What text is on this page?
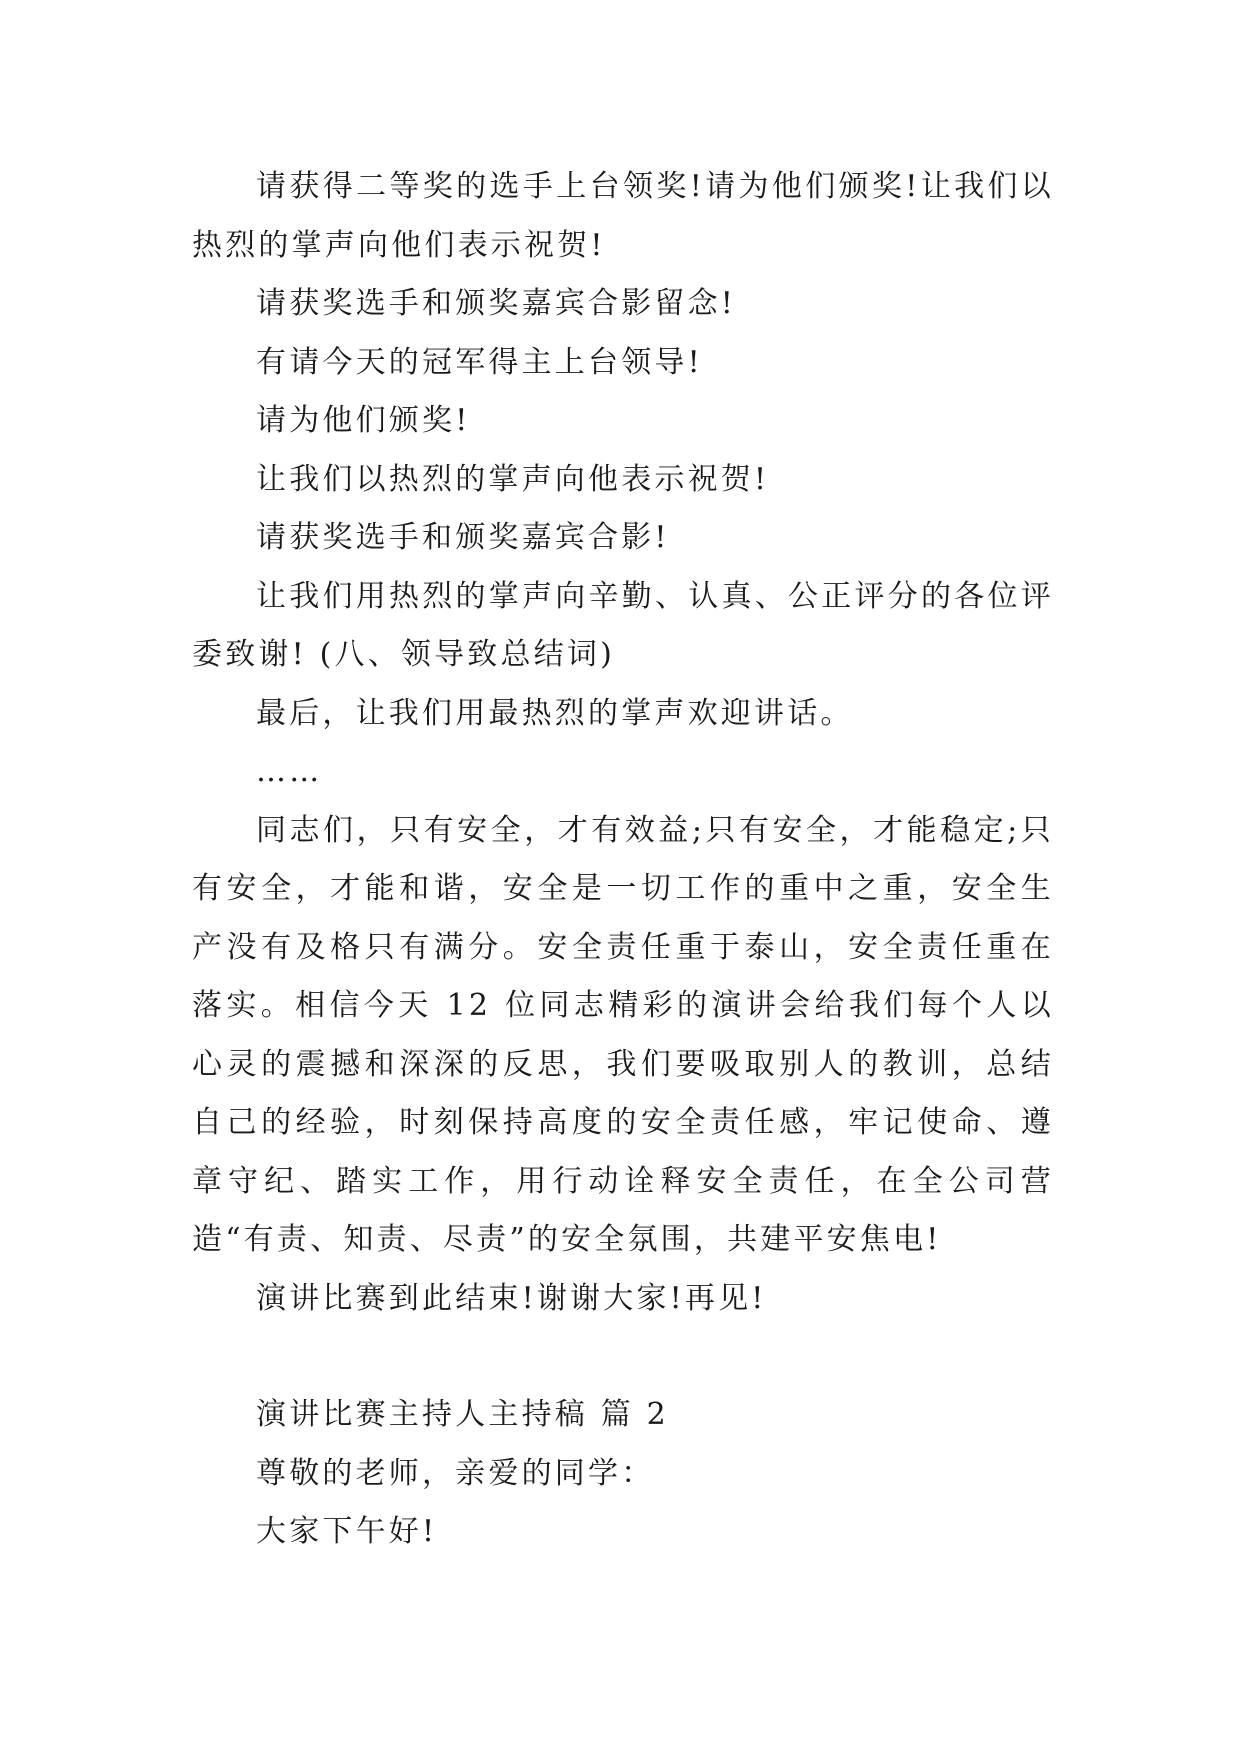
请获得二等奖的选手上台领奖!请为他们颁奖!让我们以热烈的掌声向他们表示祝贺!

请获奖选手和颁奖嘉宾合影留念!

有请今天的冠军得主上台领导!

请为他们颁奖!

让我们以热烈的掌声向他表示祝贺!

请获奖选手和颁奖嘉宾合影!

让我们用热烈的掌声向辛勤、认真、公正评分的各位评委致谢! (八、领导致总结词)

最后，让我们用最热烈的掌声欢迎讲话。

……

同志们，只有安全，才有效益;只有安全，才能稳定;只有安全，才能和谐，安全是一切工作的重中之重，安全生产没有及格只有满分。安全责任重于泰山，安全责任重在落实。相信今天 12 位同志精彩的演讲会给我们每个人以心灵的震撼和深深的反思，我们要吸取别人的教训，总结自己的经验，时刻保持高度的安全责任感，牢记使命、遵章守纪、踏实工作，用行动诠释安全责任，在全公司营造“有责、知责、尽责”的安全氛围，共建平安焦电!

演讲比赛到此结束!谢谢大家!再见!

演讲比赛主持人主持稿 篇 2

尊敬的老师，亲爱的同学：

大家下午好!
